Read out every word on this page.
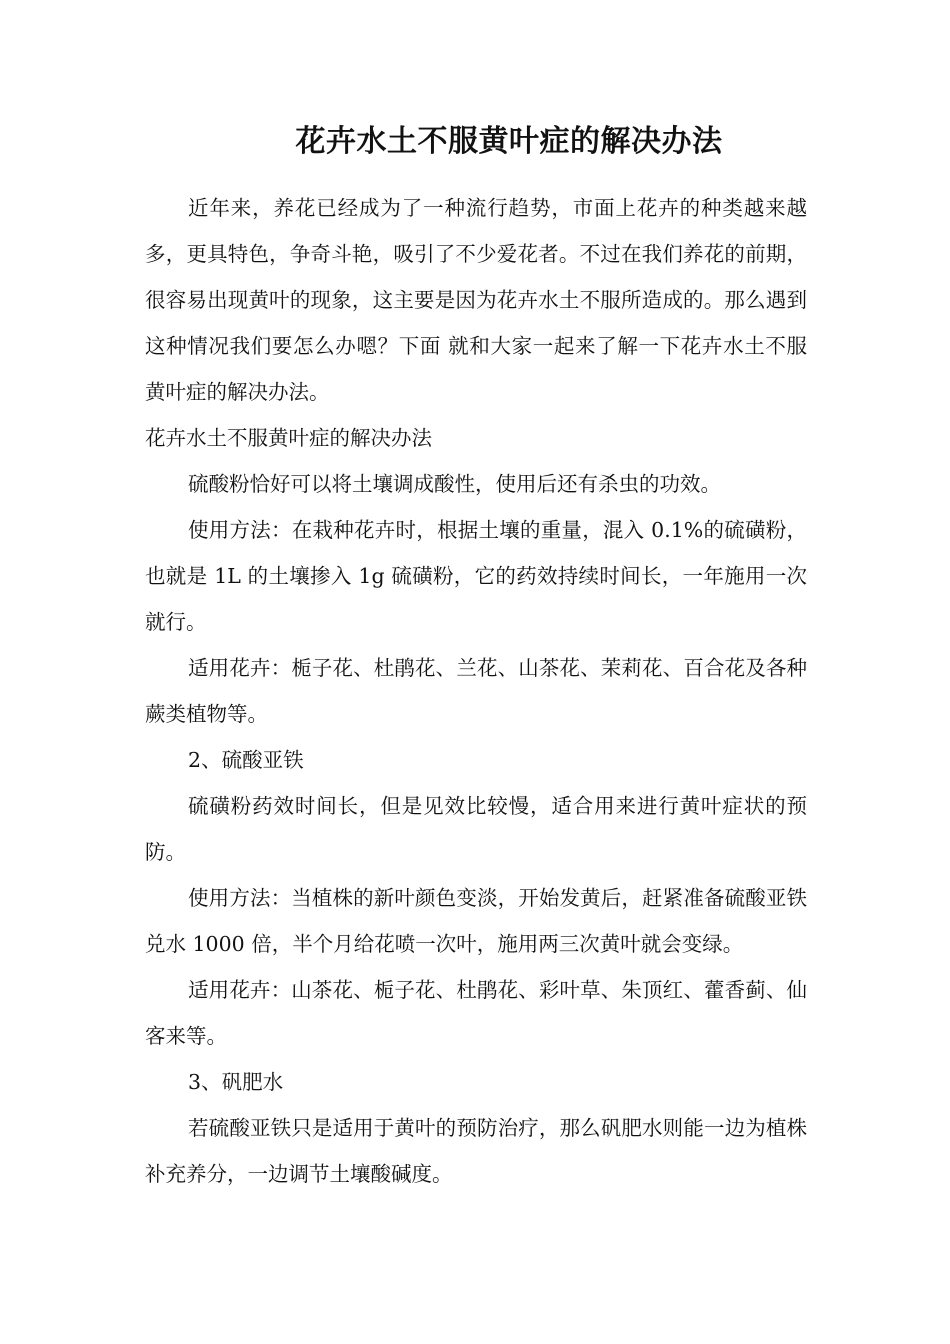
花卉水土不服黄叶症的解决办法

近年来，养花已经成为了一种流行趋势，市面上花卉的种类越来越多，更具特色，争奇斗艳，吸引了不少爱花者。不过在我们养花的前期，很容易出现黄叶的现象，这主要是因为花卉水土不服所造成的。那么遇到这种情况我们要怎么办嗯？下面 就和大家一起来了解一下花卉水土不服黄叶症的解决办法。

花卉水土不服黄叶症的解决办法

硫酸粉恰好可以将土壤调成酸性，使用后还有杀虫的功效。

使用方法：在栽种花卉时，根据土壤的重量，混入 0.1%的硫磺粉，也就是 1L 的土壤掺入 1g 硫磺粉，它的药效持续时间长，一年施用一次就行。

适用花卉：栀子花、杜鹃花、兰花、山茶花、茉莉花、百合花及各种蕨类植物等。

2、硫酸亚铁

硫磺粉药效时间长，但是见效比较慢，适合用来进行黄叶症状的预防。

使用方法：当植株的新叶颜色变淡，开始发黄后，赶紧准备硫酸亚铁兑水 1000 倍，半个月给花喷一次叶，施用两三次黄叶就会变绿。

适用花卉：山茶花、栀子花、杜鹃花、彩叶草、朱顶红、藿香蓟、仙客来等。

3、矾肥水

若硫酸亚铁只是适用于黄叶的预防治疗，那么矾肥水则能一边为植株补充养分，一边调节土壤酸碱度。
